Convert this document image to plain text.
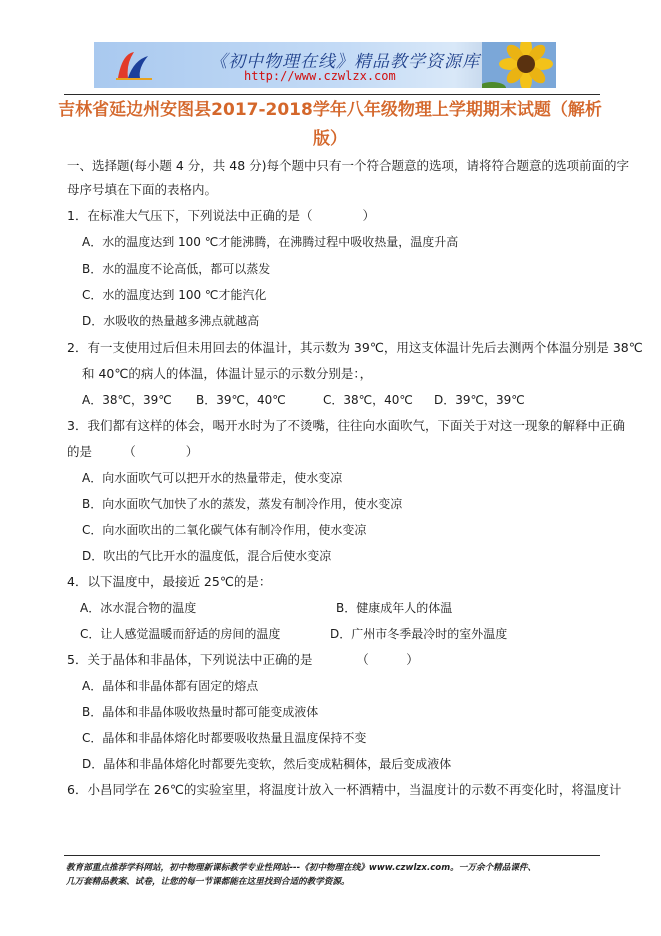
《初中物理在线》精品教学资源库
http://www.czwlzx.com
吉林省延边州安图县2017-2018学年八年级物理上学期期末试题（解析
版）
一、选择题(每小题 4 分，共 48 分)每个题中只有一个符合题意的选项，请将符合题意的选项前面的字
母序号填在下面的表格内。
1．在标准大气压下，下列说法中正确的是（　　　　）
A．水的温度达到 100 ℃才能沸腾，在沸腾过程中吸收热量，温度升高
B．水的温度不论高低，都可以蒸发
C．水的温度达到 100 ℃才能汽化
D．水吸收的热量越多沸点就越高
2．有一支使用过后但未用回去的体温计，其示数为 39℃，用这支体温计先后去测两个体温分别是 38℃
和 40℃的病人的体温，体温计显示的示数分别是：，
A．38℃，39℃ B．39℃，40℃	C．38℃，40℃ D．39℃，39℃
3．我们都有这样的体会，喝开水时为了不烫嘴，往往向水面吹气，下面关于对这一现象的解释中正确
的是　　　（　　　　）
A．向水面吹气可以把开水的热量带走，使水变凉
B．向水面吹气加快了水的蒸发，蒸发有制冷作用，使水变凉
C．向水面吹出的二氧化碳气体有制冷作用，使水变凉
D．吹出的气比开水的温度低，混合后使水变凉
4．以下温度中，最接近 25℃的是：
A．冰水混合物的温度	B．健康成年人的体温
C．让人感觉温暖而舒适的房间的温度	D．广州市冬季最冷时的室外温度
5．关于晶体和非晶体，下列说法中正确的是　　　　（　　　）
A．晶体和非晶体都有固定的熔点
B．晶体和非晶体吸收热量时都可能变成液体
C．晶体和非晶体熔化时都要吸收热量且温度保持不变
D．晶体和非晶体熔化时都要先变软，然后变成粘稠体，最后变成液体
6．小昌同学在 26℃的实验室里，将温度计放入一杯酒精中，当温度计的示数不再变化时，将温度计
教育部重点推荐学科网站，初中物理新课标教学专业性网站---《初中物理在线》www.czwlzx.com。一万余个精品课件、
几万套精品教案、试卷，让您的每一节课都能在这里找到合适的教学资源。
